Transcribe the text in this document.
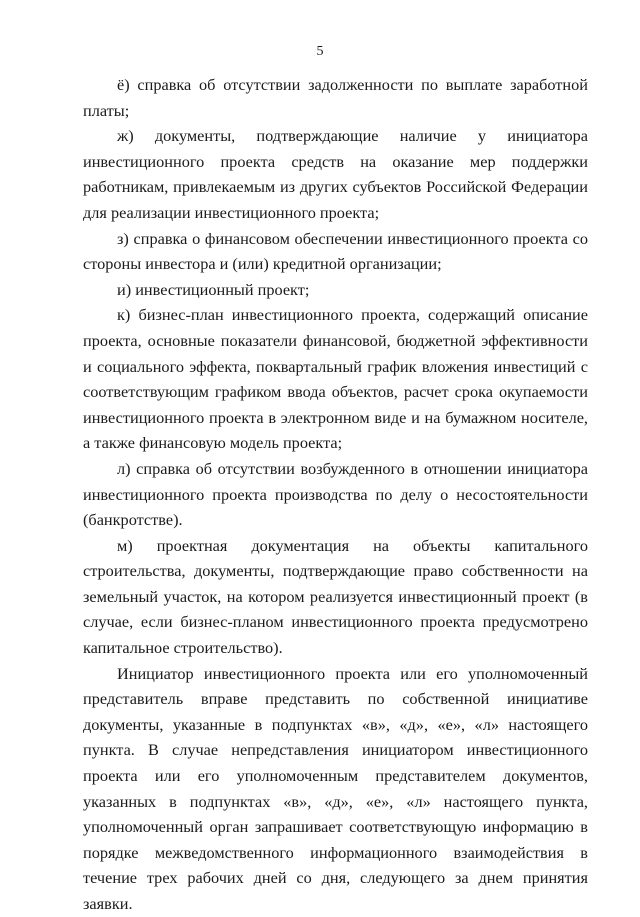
5

ё) справка об отсутствии задолженности по выплате заработной платы;

ж) документы, подтверждающие наличие у инициатора инвестиционного проекта средств на оказание мер поддержки работникам, привлекаемым из других субъектов Российской Федерации для реализации инвестиционного проекта;

з) справка о финансовом обеспечении инвестиционного проекта со стороны инвестора и (или) кредитной организации;

и) инвестиционный проект;

к) бизнес-план инвестиционного проекта, содержащий описание проекта, основные показатели финансовой, бюджетной эффективности и социального эффекта, поквартальный график вложения инвестиций с соответствующим графиком ввода объектов, расчет срока окупаемости инвестиционного проекта в электронном виде и на бумажном носителе, а также финансовую модель проекта;

л) справка об отсутствии возбужденного в отношении инициатора инвестиционного проекта производства по делу о несостоятельности (банкротстве).

м) проектная документация на объекты капитального строительства, документы, подтверждающие право собственности на земельный участок, на котором реализуется инвестиционный проект (в случае, если бизнес-планом инвестиционного проекта предусмотрено капитальное строительство).

Инициатор инвестиционного проекта или его уполномоченный представитель вправе представить по собственной инициативе документы, указанные в подпунктах «в», «д», «е», «л» настоящего пункта. В случае непредставления инициатором инвестиционного проекта или его уполномоченным представителем документов, указанных в подпунктах «в», «д», «е», «л» настоящего пункта, уполномоченный орган запрашивает соответствующую информацию в порядке межведомственного информационного взаимодействия в течение трех рабочих дней со дня, следующего за днем принятия заявки.
